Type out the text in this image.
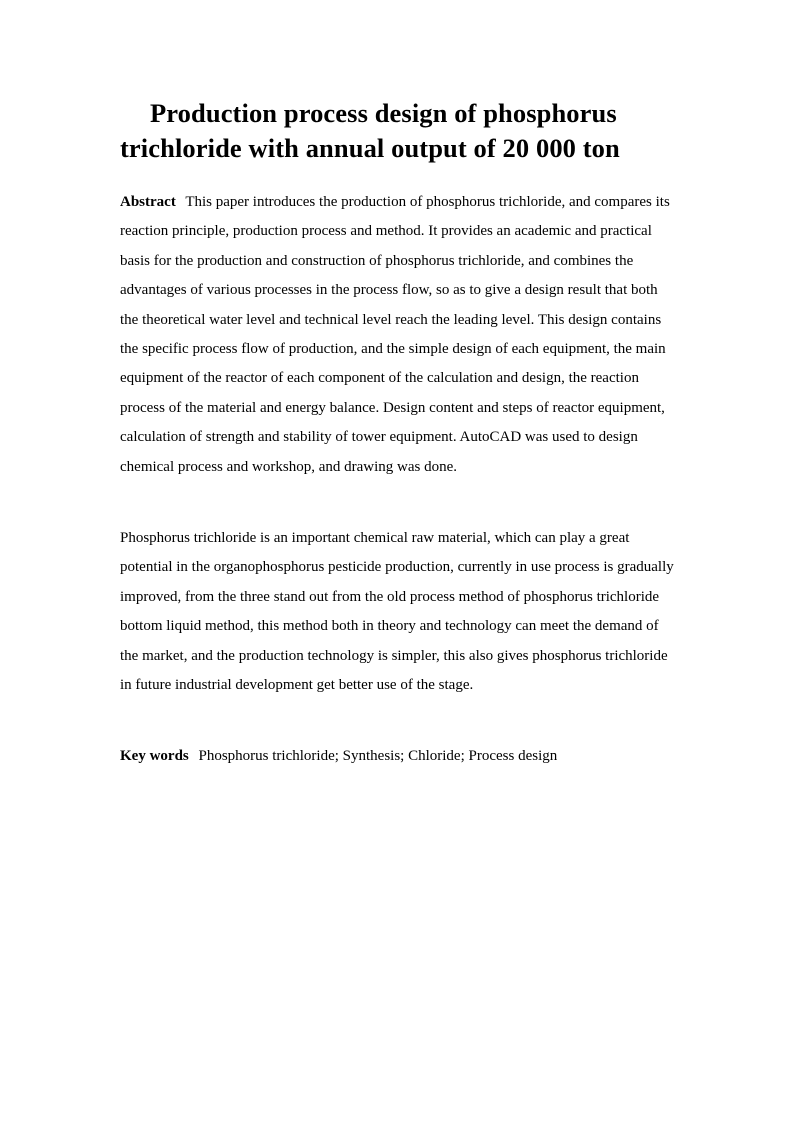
Production process design of phosphorus trichloride with annual output of 20 000 ton

Abstract This paper introduces the production of phosphorus trichloride, and compares its reaction principle, production process and method. It provides an academic and practical basis for the production and construction of phosphorus trichloride, and combines the advantages of various processes in the process flow, so as to give a design result that both the theoretical water level and technical level reach the leading level. This design contains the specific process flow of production, and the simple design of each equipment, the main equipment of the reactor of each component of the calculation and design, the reaction process of the material and energy balance. Design content and steps of reactor equipment, calculation of strength and stability of tower equipment. AutoCAD was used to design chemical process and workshop, and drawing was done.

Phosphorus trichloride is an important chemical raw material, which can play a great potential in the organophosphorus pesticide production, currently in use process is gradually improved, from the three stand out from the old process method of phosphorus trichloride bottom liquid method, this method both in theory and technology can meet the demand of the market, and the production technology is simpler, this also gives phosphorus trichloride in future industrial development get better use of the stage.

Key words Phosphorus trichloride; Synthesis; Chloride; Process design
